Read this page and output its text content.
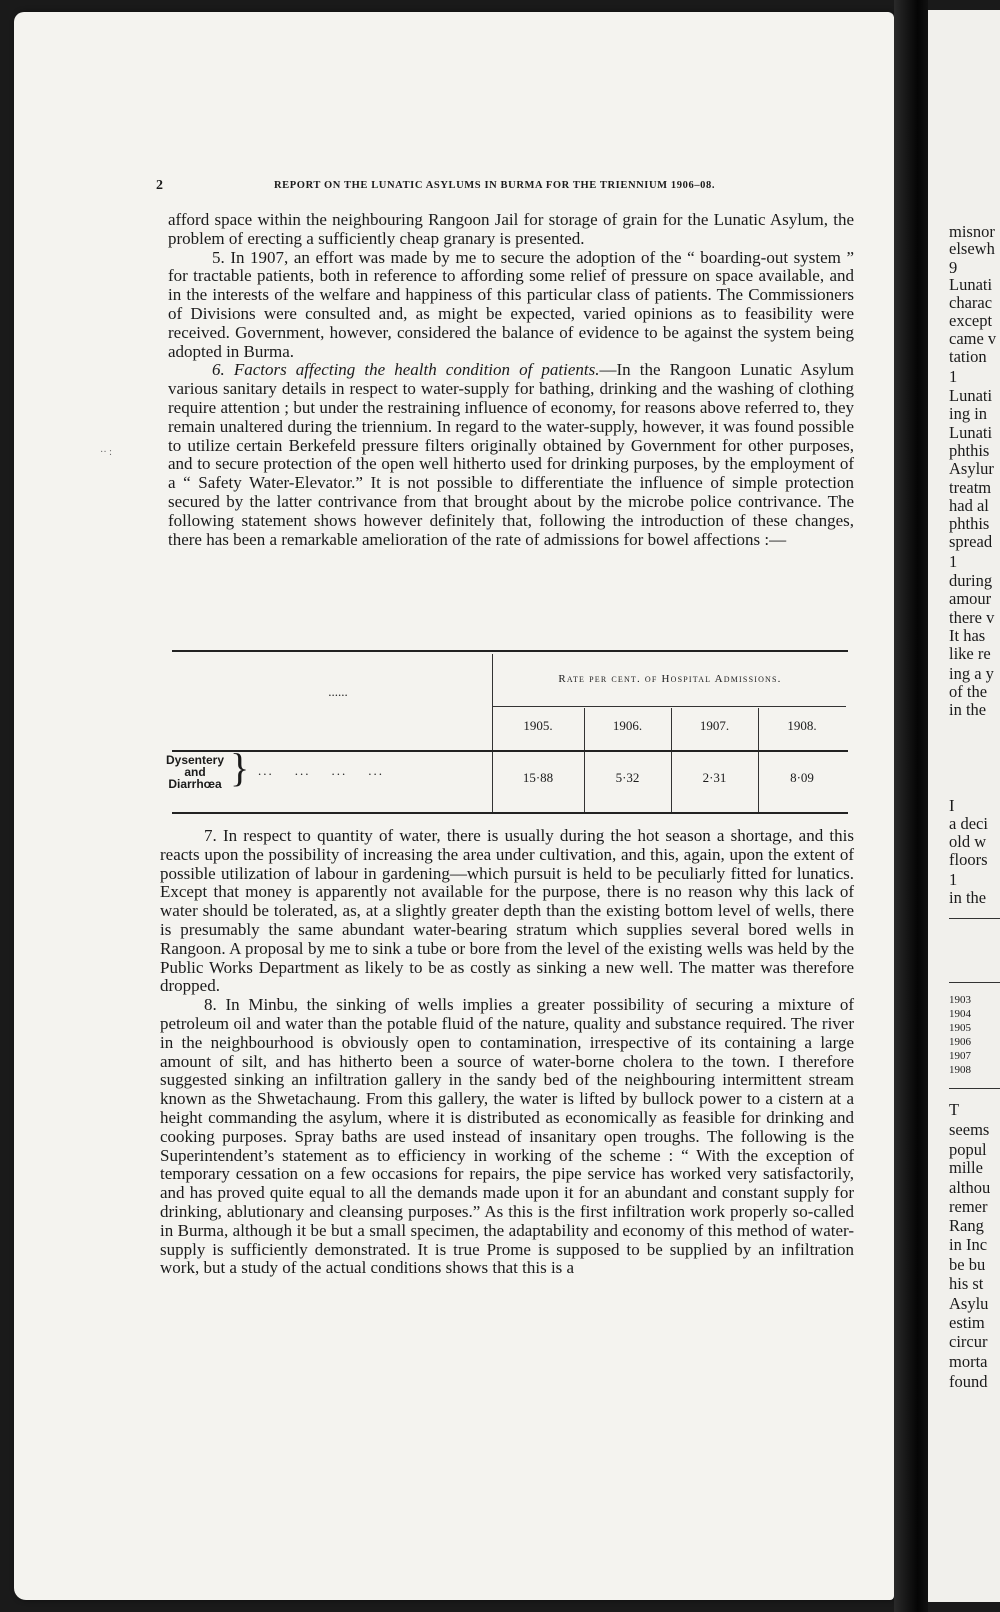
2	REPORT ON THE LUNATIC ASYLUMS IN BURMA FOR THE TRIENNIUM 1906–08.
·· :

afford space within the neighbouring Rangoon Jail for storage of grain for the Lunatic Asylum, the problem of erecting a sufficiently cheap granary is presented.

5. In 1907, an effort was made by me to secure the adoption of the “ boarding-out system ” for tractable patients, both in reference to affording some relief of pressure on space available, and in the interests of the welfare and happiness of this particular class of patients. The Commissioners of Divisions were consulted and, as might be expected, varied opinions as to feasibility were received. Government, however, considered the balance of evidence to be against the system being adopted in Burma.

6. Factors affecting the health condition of patients.—In the Rangoon Lunatic Asylum various sanitary details in respect to water-supply for bathing, drinking and the washing of clothing require attention ; but under the restraining influence of economy, for reasons above referred to, they remain unaltered during the triennium. In regard to the water-supply, however, it was found possible to utilize certain Berkefeld pressure filters originally obtained by Government for other purposes, and to secure protection of the open well hitherto used for drinking purposes, by the employment of a “ Safety Water-Elevator.” It is not possible to differentiate the influence of simple protection secured by the latter contrivance from that brought about by the microbe police contrivance. The following statement shows however definitely that, following the introduction of these changes, there has been a remarkable amelioration of the rate of admissions for bowel affections :—

......
Rate per cent. of Hospital Admissions.
1905.	1906.	1907.	1908.
Dysentery
and
Diarrhœa } ...    ...    ...    ...	15·88	5·32	2·31	8·09

7. In respect to quantity of water, there is usually during the hot season a shortage, and this reacts upon the possibility of increasing the area under cultivation, and this, again, upon the extent of possible utilization of labour in gardening—which pursuit is held to be peculiarly fitted for lunatics. Except that money is apparently not available for the purpose, there is no reason why this lack of water should be tolerated, as, at a slightly greater depth than the existing bottom level of wells, there is presumably the same abundant water-bearing stratum which supplies several bored wells in Rangoon. A proposal by me to sink a tube or bore from the level of the existing wells was held by the Public Works Department as likely to be as costly as sinking a new well. The matter was therefore dropped.

8. In Minbu, the sinking of wells implies a greater possibility of securing a mixture of petroleum oil and water than the potable fluid of the nature, quality and substance required. The river in the neighbourhood is obviously open to contamination, irrespective of its containing a large amount of silt, and has hitherto been a source of water-borne cholera to the town. I therefore suggested sinking an infiltration gallery in the sandy bed of the neighbouring intermittent stream known as the Shwetachaung. From this gallery, the water is lifted by bullock power to a cistern at a height commanding the asylum, where it is distributed as economically as feasible for drinking and cooking purposes. Spray baths are used instead of insanitary open troughs. The following is the Superintendent’s statement as to efficiency in working of the scheme : “ With the exception of temporary cessation on a few occasions for repairs, the pipe service has worked very satisfactorily, and has proved quite equal to all the demands made upon it for an abundant and constant supply for drinking, ablutionary and cleansing purposes.” As this is the first infiltration work properly so-called in Burma, although it be but a small specimen, the adaptability and economy of this method of water-supply is sufficiently demonstrated. It is true Prome is supposed to be supplied by an infiltration work, but a study of the actual conditions shows that this is a

misnor
elsewh
9
Lunati
charac
except
came v
tation
1
Lunati
ing in
Lunati
phthis
Asylur
treatm
had al
phthis
spread
1
during
amour
there v
It has
like re
ing a y
of the
in the
I
a deci
old w
floors
1
in the
1903
1904
1905
1906
1907
1908
T
seems
popul
mille
althou
remer
Rang
in Inc
be bu
his st
Asylu
estim
circur
morta
found
